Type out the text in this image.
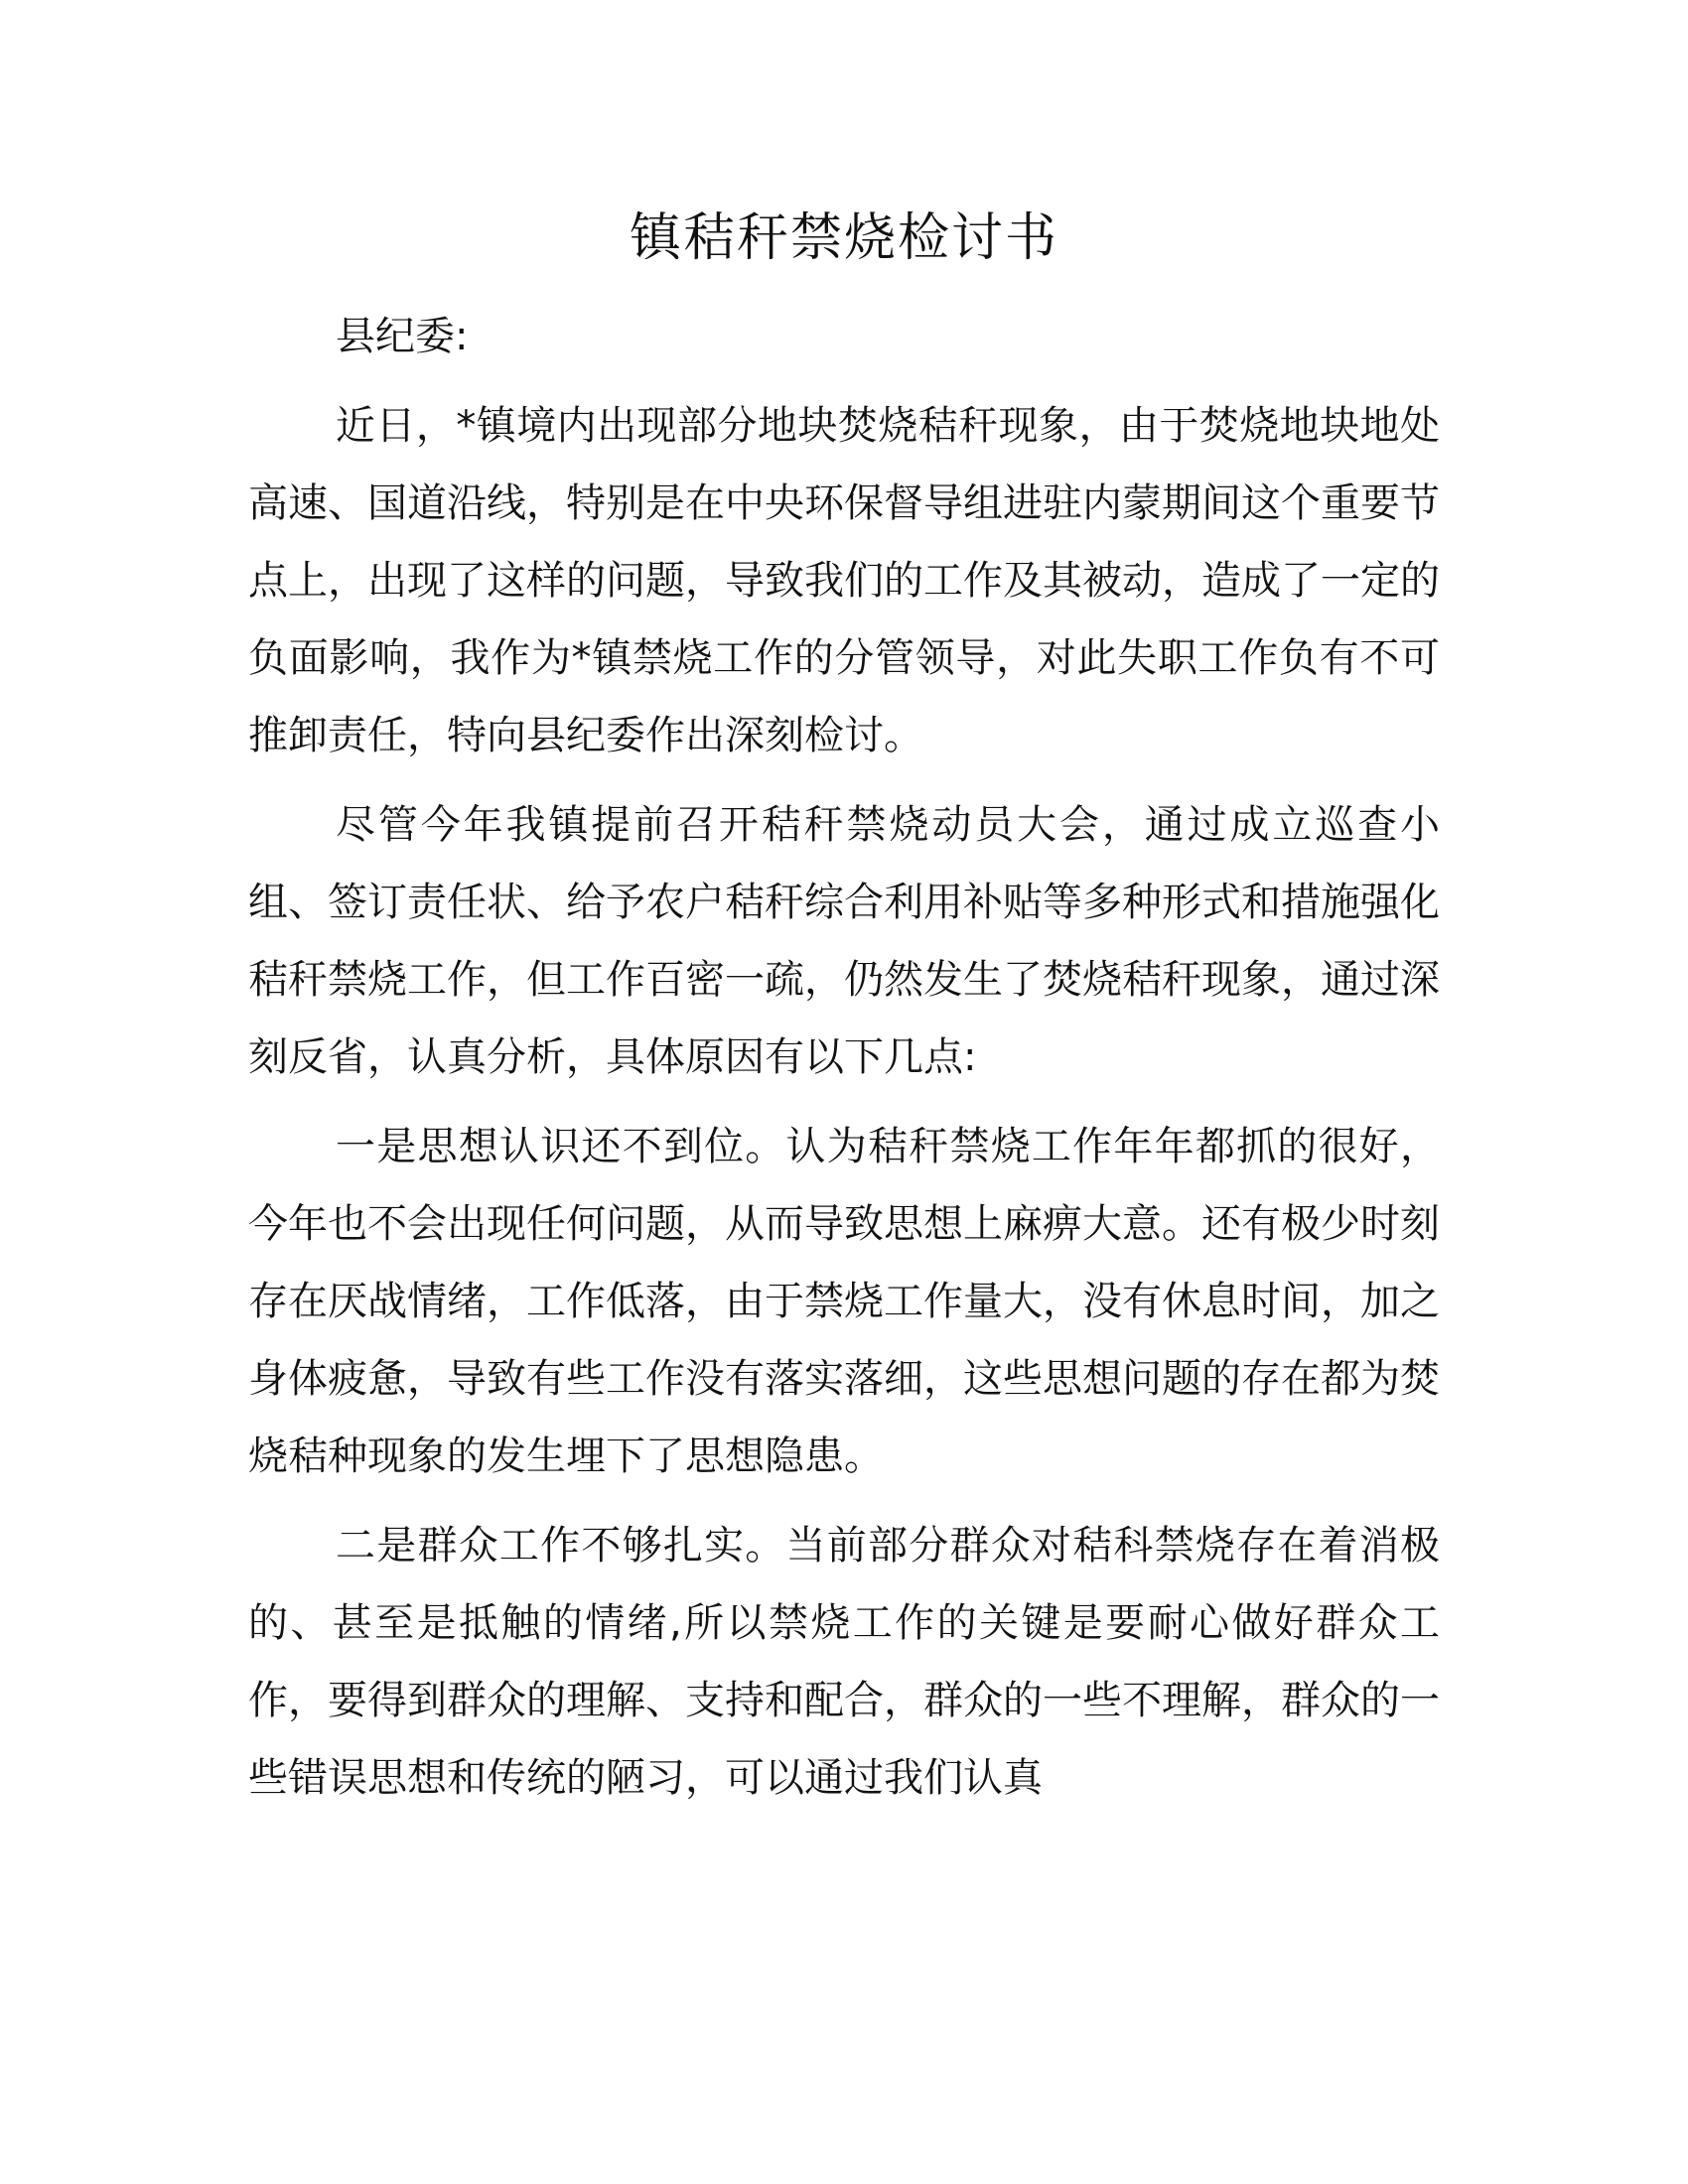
镇秸秆禁烧检讨书

县纪委:

近日，*镇境内出现部分地块焚烧秸秆现象，由于焚烧地块地处高速、国道沿线，特别是在中央环保督导组进驻内蒙期间这个重要节点上，出现了这样的问题，导致我们的工作及其被动，造成了一定的负面影响，我作为*镇禁烧工作的分管领导，对此失职工作负有不可推卸责任，特向县纪委作出深刻检讨。

尽管今年我镇提前召开秸秆禁烧动员大会，通过成立巡查小组、签订责任状、给予农户秸秆综合利用补贴等多种形式和措施强化秸秆禁烧工作，但工作百密一疏，仍然发生了焚烧秸秆现象，通过深刻反省，认真分析，具体原因有以下几点:

一是思想认识还不到位。认为秸秆禁烧工作年年都抓的很好，今年也不会出现任何问题，从而导致思想上麻痹大意。还有极少时刻存在厌战情绪，工作低落，由于禁烧工作量大，没有休息时间，加之身体疲惫，导致有些工作没有落实落细，这些思想问题的存在都为焚烧秸种现象的发生埋下了思想隐患。

二是群众工作不够扎实。当前部分群众对秸科禁烧存在着消极的、甚至是抵触的情绪,所以禁烧工作的关键是要耐心做好群众工作，要得到群众的理解、支持和配合，群众的一些不理解，群众的一些错误思想和传统的陋习，可以通过我们认真
